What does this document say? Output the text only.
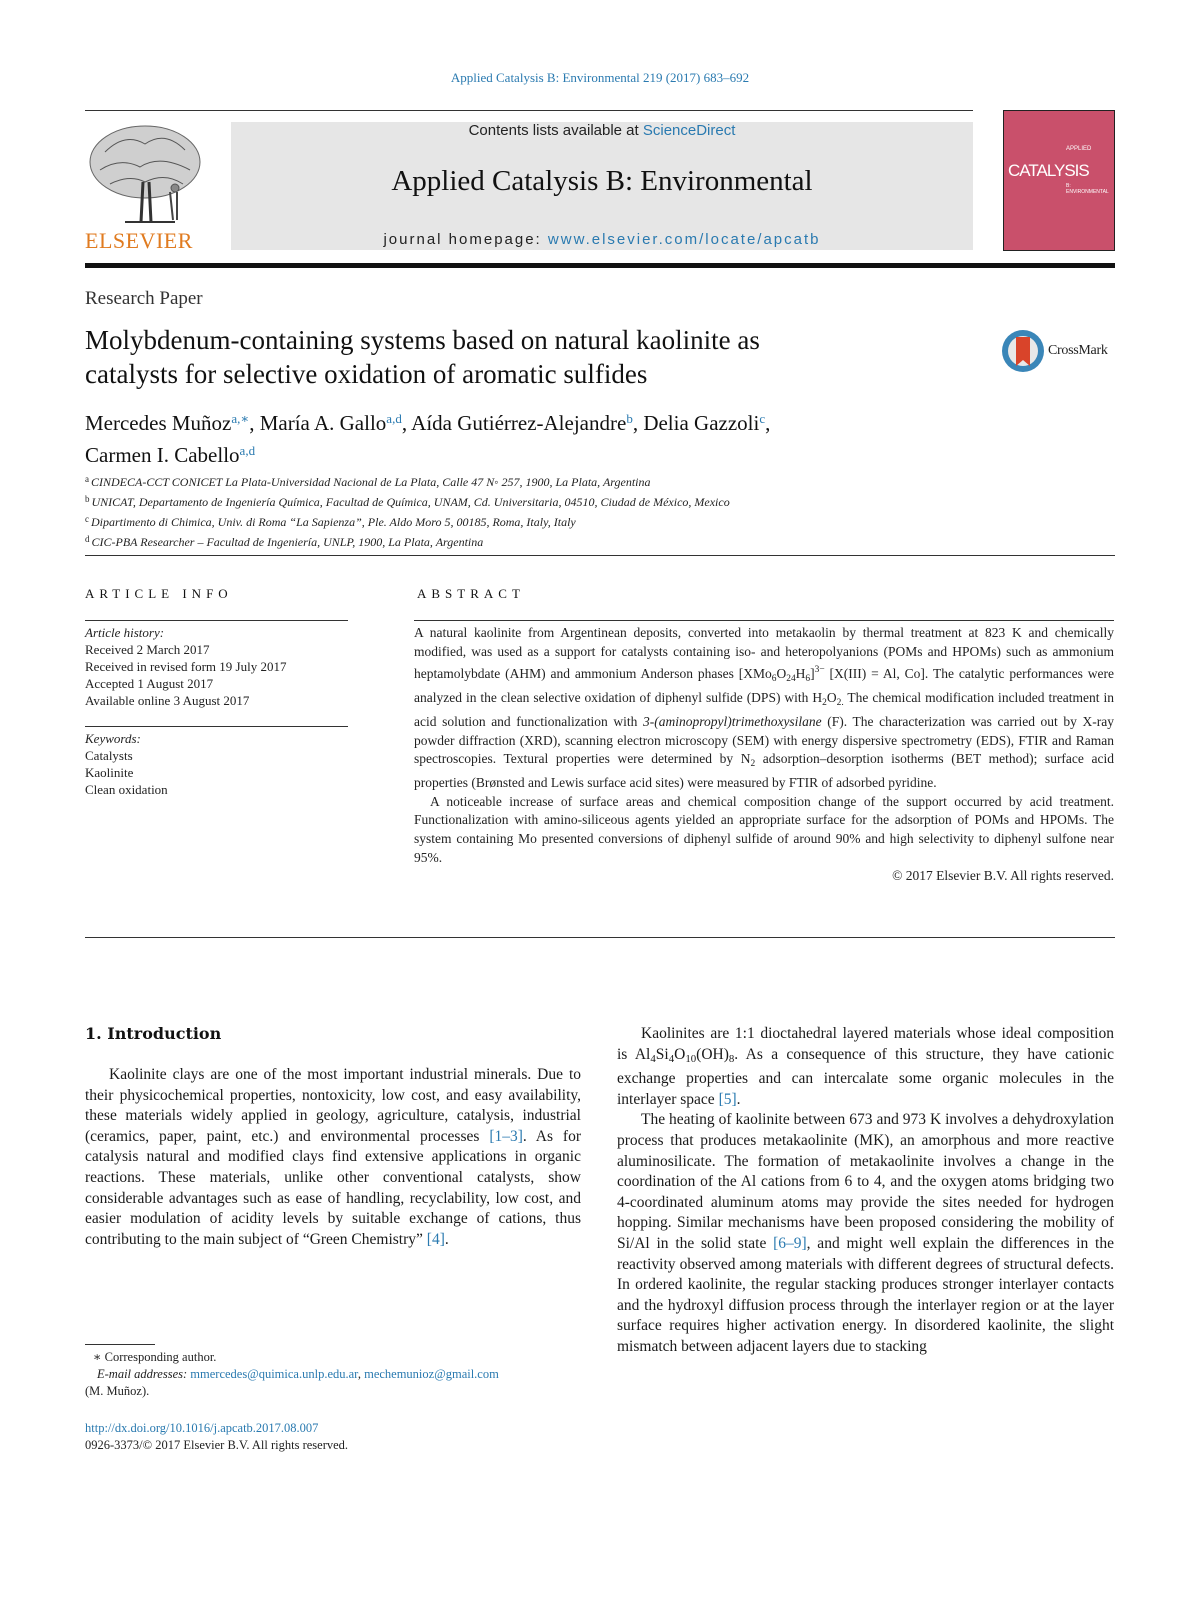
Applied Catalysis B: Environmental 219 (2017) 683–692
ELSEVIER
Contents lists available at ScienceDirect
Applied Catalysis B: Environmental
journal homepage: www.elsevier.com/locate/apcatb
APPLIED
CATALYSIS
B: ENVIRONMENTAL
Research Paper
Molybdenum-containing systems based on natural kaolinite as
catalysts for selective oxidation of aromatic sulfides
CrossMark
Mercedes Muñoz$^{a,∗}$, María A. Gallo$^{a,d}$, Aída Gutiérrez-Alejandre$^b$, Delia Gazzoli$^c$,
Carmen I. Cabello$^{a,d}$
$^a$ CINDECA-CCT CONICET La Plata-Universidad Nacional de La Plata, Calle 47 N◦ 257, 1900, La Plata, Argentina
$^b$ UNICAT, Departamento de Ingeniería Química, Facultad de Química, UNAM, Cd. Universitaria, 04510, Ciudad de México, Mexico
$^c$ Dipartimento di Chimica, Univ. di Roma “La Sapienza”, Ple. Aldo Moro 5, 00185, Roma, Italy, Italy
$^d$ CIC-PBA Researcher – Facultad de Ingeniería, UNLP, 1900, La Plata, Argentina
ARTICLE INFO
Article history:
Received 2 March 2017
Received in revised form 19 July 2017
Accepted 1 August 2017
Available online 3 August 2017
Keywords:
Catalysts
Kaolinite
Clean oxidation
ABSTRACT

A natural kaolinite from Argentinean deposits, converted into metakaolin by thermal treatment at 823 K and chemically modified, was used as a support for catalysts containing iso- and heteropolyanions (POMs and HPOMs) such as ammonium heptamolybdate (AHM) and ammonium Anderson phases $[XMo_6O_{24}H_6]^{3-}$ [X(III) = Al, Co]. The catalytic performances were analyzed in the clean selective oxidation of diphenyl sulfide (DPS) with $H_2O_{2.}$ The chemical modification included treatment in acid solution and functionalization with 3-(aminopropyl)trimethoxysilane (F). The characterization was carried out by X-ray powder diffraction (XRD), scanning electron microscopy (SEM) with energy dispersive spectrometry (EDS), FTIR and Raman spectroscopies. Textural properties were determined by $N_2$ adsorption–desorption isotherms (BET method); surface acid properties (Brønsted and Lewis surface acid sites) were measured by FTIR of adsorbed pyridine.

A noticeable increase of surface areas and chemical composition change of the support occurred by acid treatment. Functionalization with amino-siliceous agents yielded an appropriate surface for the adsorption of POMs and HPOMs. The system containing Mo presented conversions of diphenyl sulfide of around 90% and high selectivity to diphenyl sulfone near 95%.

© 2017 Elsevier B.V. All rights reserved.

1. Introduction

Kaolinite clays are one of the most important industrial minerals. Due to their physicochemical properties, nontoxicity, low cost, and easy availability, these materials widely applied in geology, agriculture, catalysis, industrial (ceramics, paper, paint, etc.) and environmental processes [1–3]. As for catalysis natural and modified clays find extensive applications in organic reactions. These materials, unlike other conventional catalysts, show considerable advantages such as ease of handling, recyclability, low cost, and easier modulation of acidity levels by suitable exchange of cations, thus contributing to the main subject of “Green Chemistry” [4].

Kaolinites are 1:1 dioctahedral layered materials whose ideal composition is $Al_4Si_4O_{10}(OH)_8$. As a consequence of this structure, they have cationic exchange properties and can intercalate some organic molecules in the interlayer space [5].

The heating of kaolinite between 673 and 973 K involves a dehydroxylation process that produces metakaolinite (MK), an amorphous and more reactive aluminosilicate. The formation of metakaolinite involves a change in the coordination of the Al cations from 6 to 4, and the oxygen atoms bridging two 4-coordinated aluminum atoms may provide the sites needed for hydrogen hopping. Similar mechanisms have been proposed considering the mobility of Si/Al in the solid state [6–9], and might well explain the differences in the reactivity observed among materials with different degrees of structural defects. In ordered kaolinite, the regular stacking produces stronger interlayer contacts and the hydroxyl diffusion process through the interlayer region or at the layer surface requires higher activation energy. In disordered kaolinite, the slight mismatch between adjacent layers due to stacking

∗ Corresponding author.
E-mail addresses: mmercedes@quimica.unlp.edu.ar, mechemunioz@gmail.com
(M. Muñoz).
http://dx.doi.org/10.1016/j.apcatb.2017.08.007
0926-3373/© 2017 Elsevier B.V. All rights reserved.
